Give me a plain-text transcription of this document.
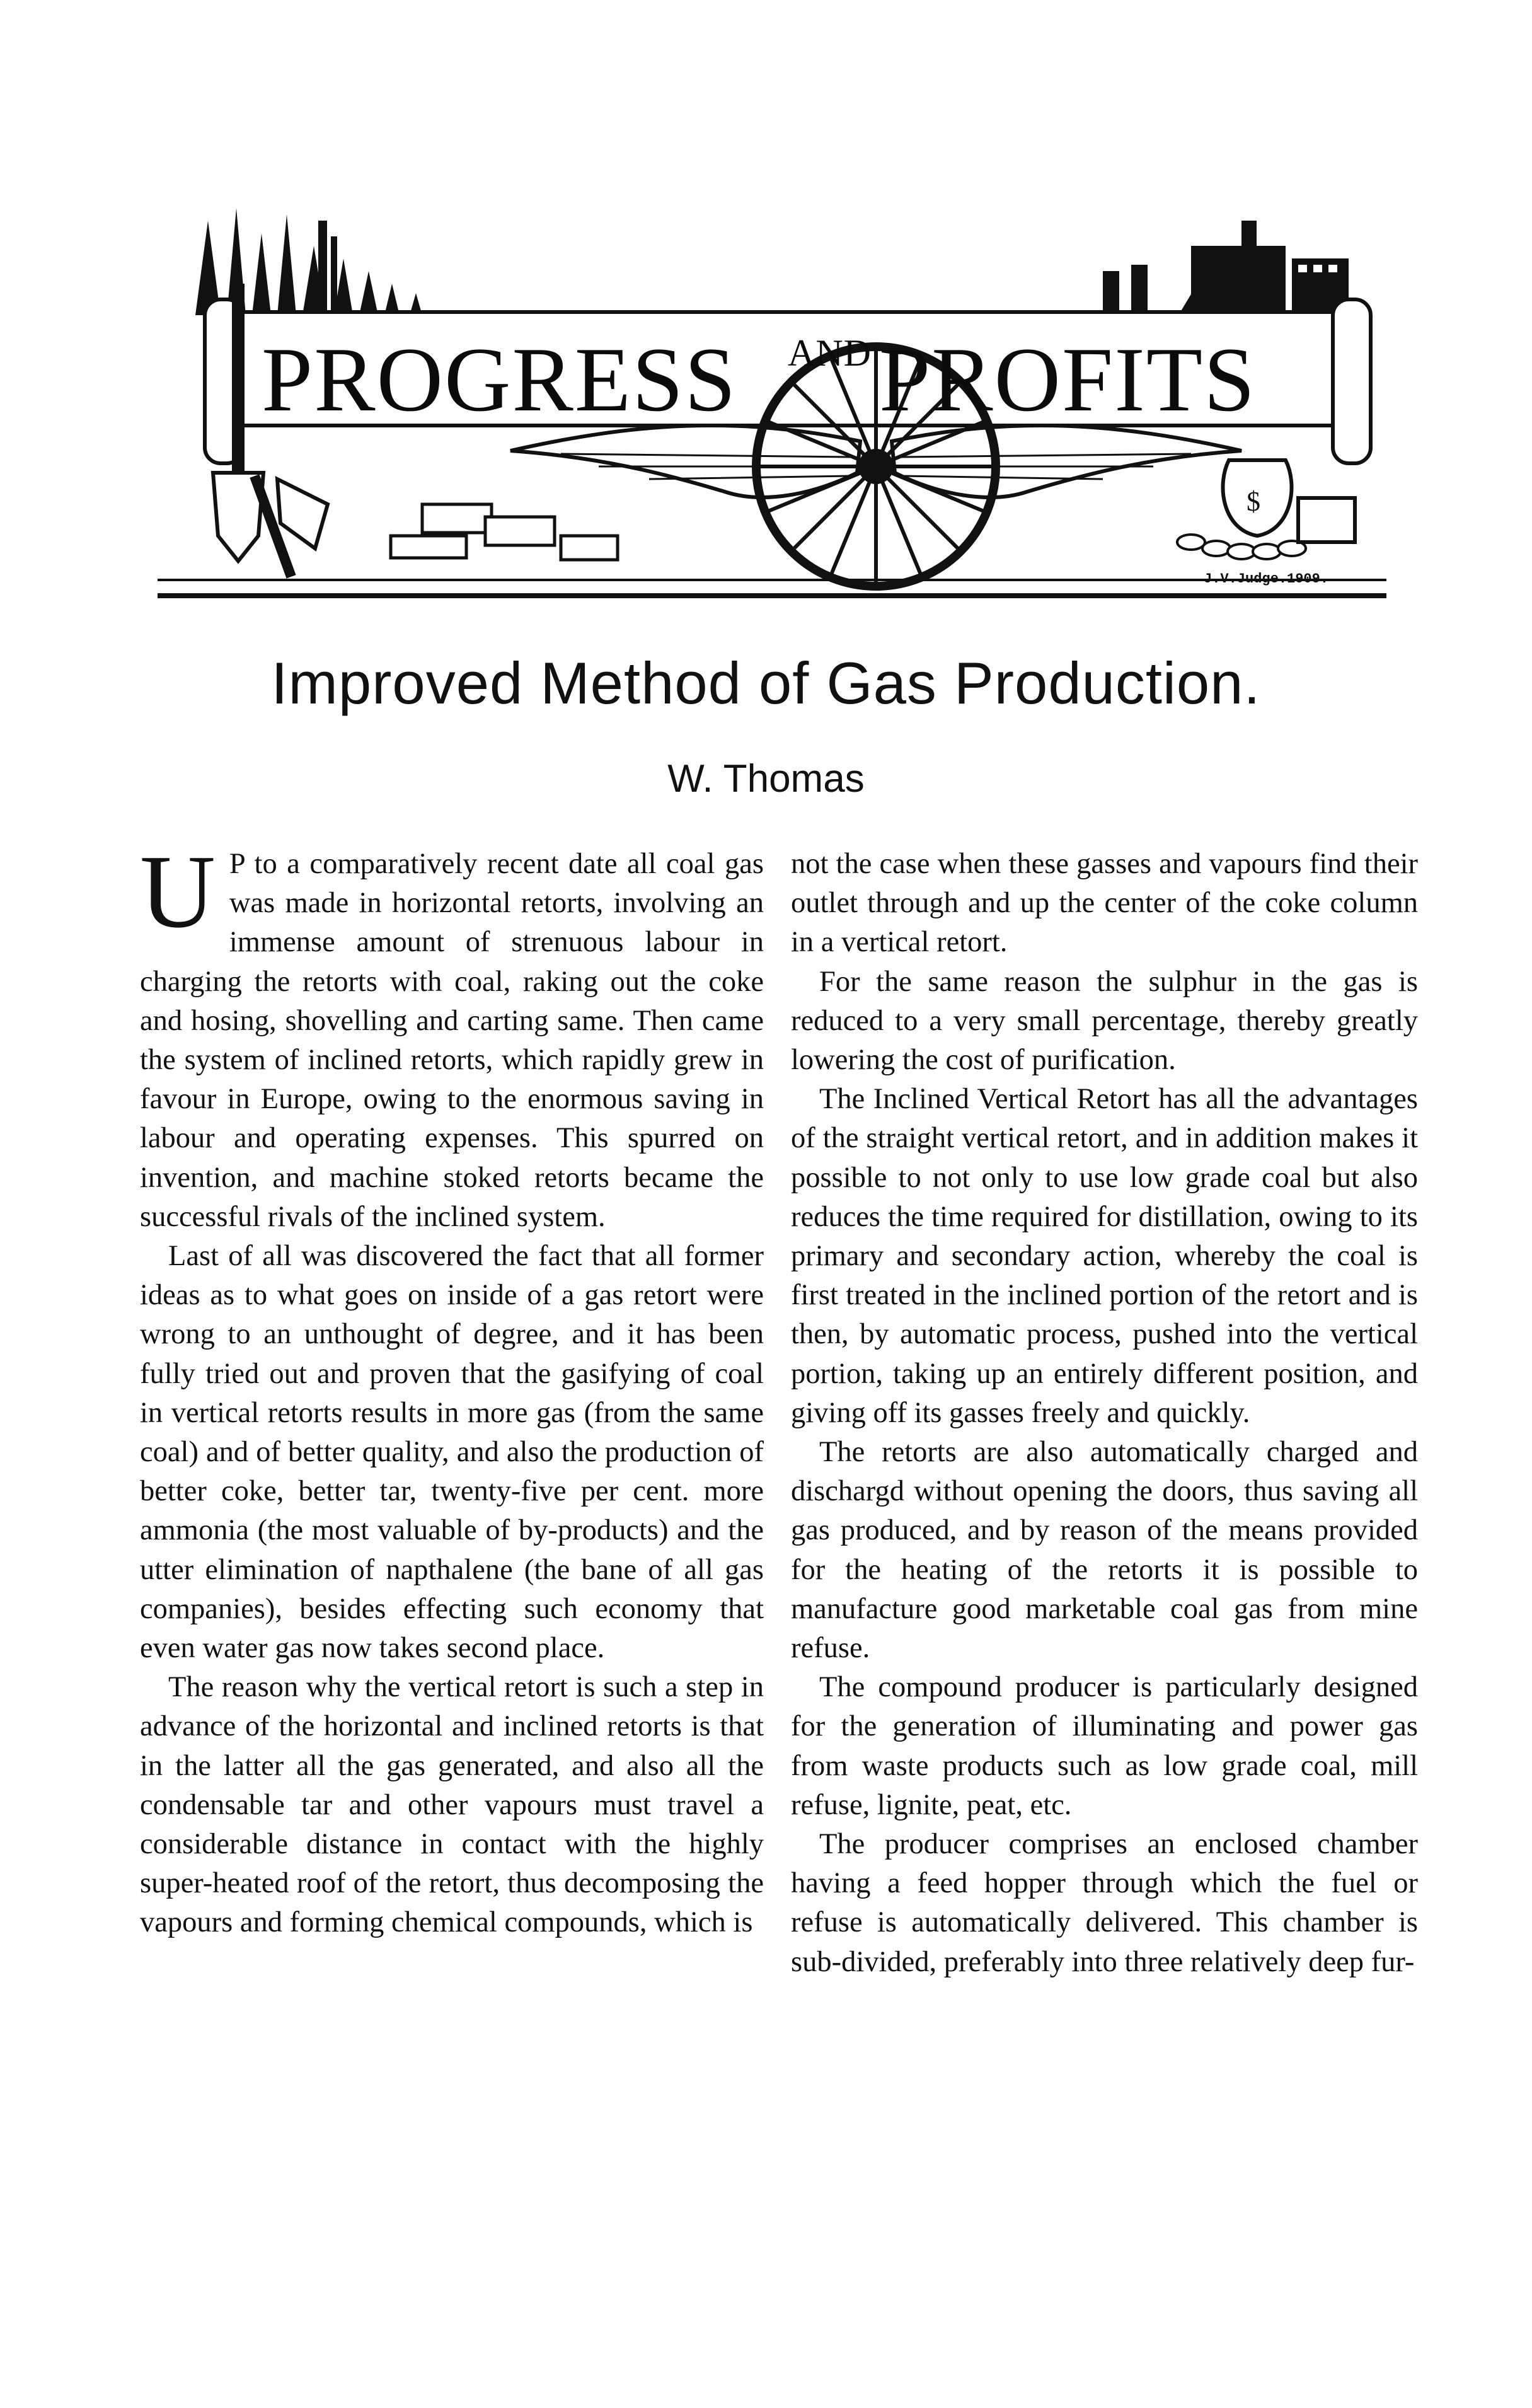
$
PROGRESS AND PROFITS
J.V.Judge.1909.
Improved Method of Gas Production.
W. Thomas

U P to a comparatively recent date all coal gas was made in horizontal retorts, involving an immense amount of strenuous labour in charging the retorts with coal, raking out the coke and hosing, shovelling and carting same. Then came the system of inclined retorts, which rapidly grew in favour in Europe, owing to the enormous saving in labour and operating expenses. This spurred on invention, and machine stoked retorts became the successful rivals of the inclined system.

Last of all was discovered the fact that all former ideas as to what goes on inside of a gas retort were wrong to an unthought of degree, and it has been fully tried out and proven that the gasifying of coal in vertical retorts results in more gas (from the same coal) and of better quality, and also the production of better coke, better tar, twenty-five per cent. more ammonia (the most valuable of by-products) and the utter elimination of napthalene (the bane of all gas companies), besides effecting such economy that even water gas now takes second place.

The reason why the vertical retort is such a step in advance of the horizontal and inclined retorts is that in the latter all the gas generated, and also all the condensable tar and other vapours must travel a considerable distance in contact with the highly super-heated roof of the retort, thus decomposing the vapours and forming chemical compounds, which is

not the case when these gasses and vapours find their outlet through and up the center of the coke column in a vertical retort.

For the same reason the sulphur in the gas is reduced to a very small percentage, thereby greatly lowering the cost of purification.

The Inclined Vertical Retort has all the advantages of the straight vertical retort, and in addition makes it possible to not only to use low grade coal but also reduces the time required for distillation, owing to its primary and secondary action, whereby the coal is first treated in the inclined portion of the retort and is then, by automatic process, pushed into the vertical portion, taking up an entirely different position, and giving off its gasses freely and quickly.

The retorts are also automatically charged and dischargd without opening the doors, thus saving all gas produced, and by reason of the means provided for the heating of the retorts it is possible to manufacture good marketable coal gas from mine refuse.

The compound producer is particularly designed for the generation of illuminating and power gas from waste products such as low grade coal, mill refuse, lignite, peat, etc.

The producer comprises an enclosed chamber having a feed hopper through which the fuel or refuse is automatically delivered. This chamber is sub-divided, preferably into three relatively deep fur-
